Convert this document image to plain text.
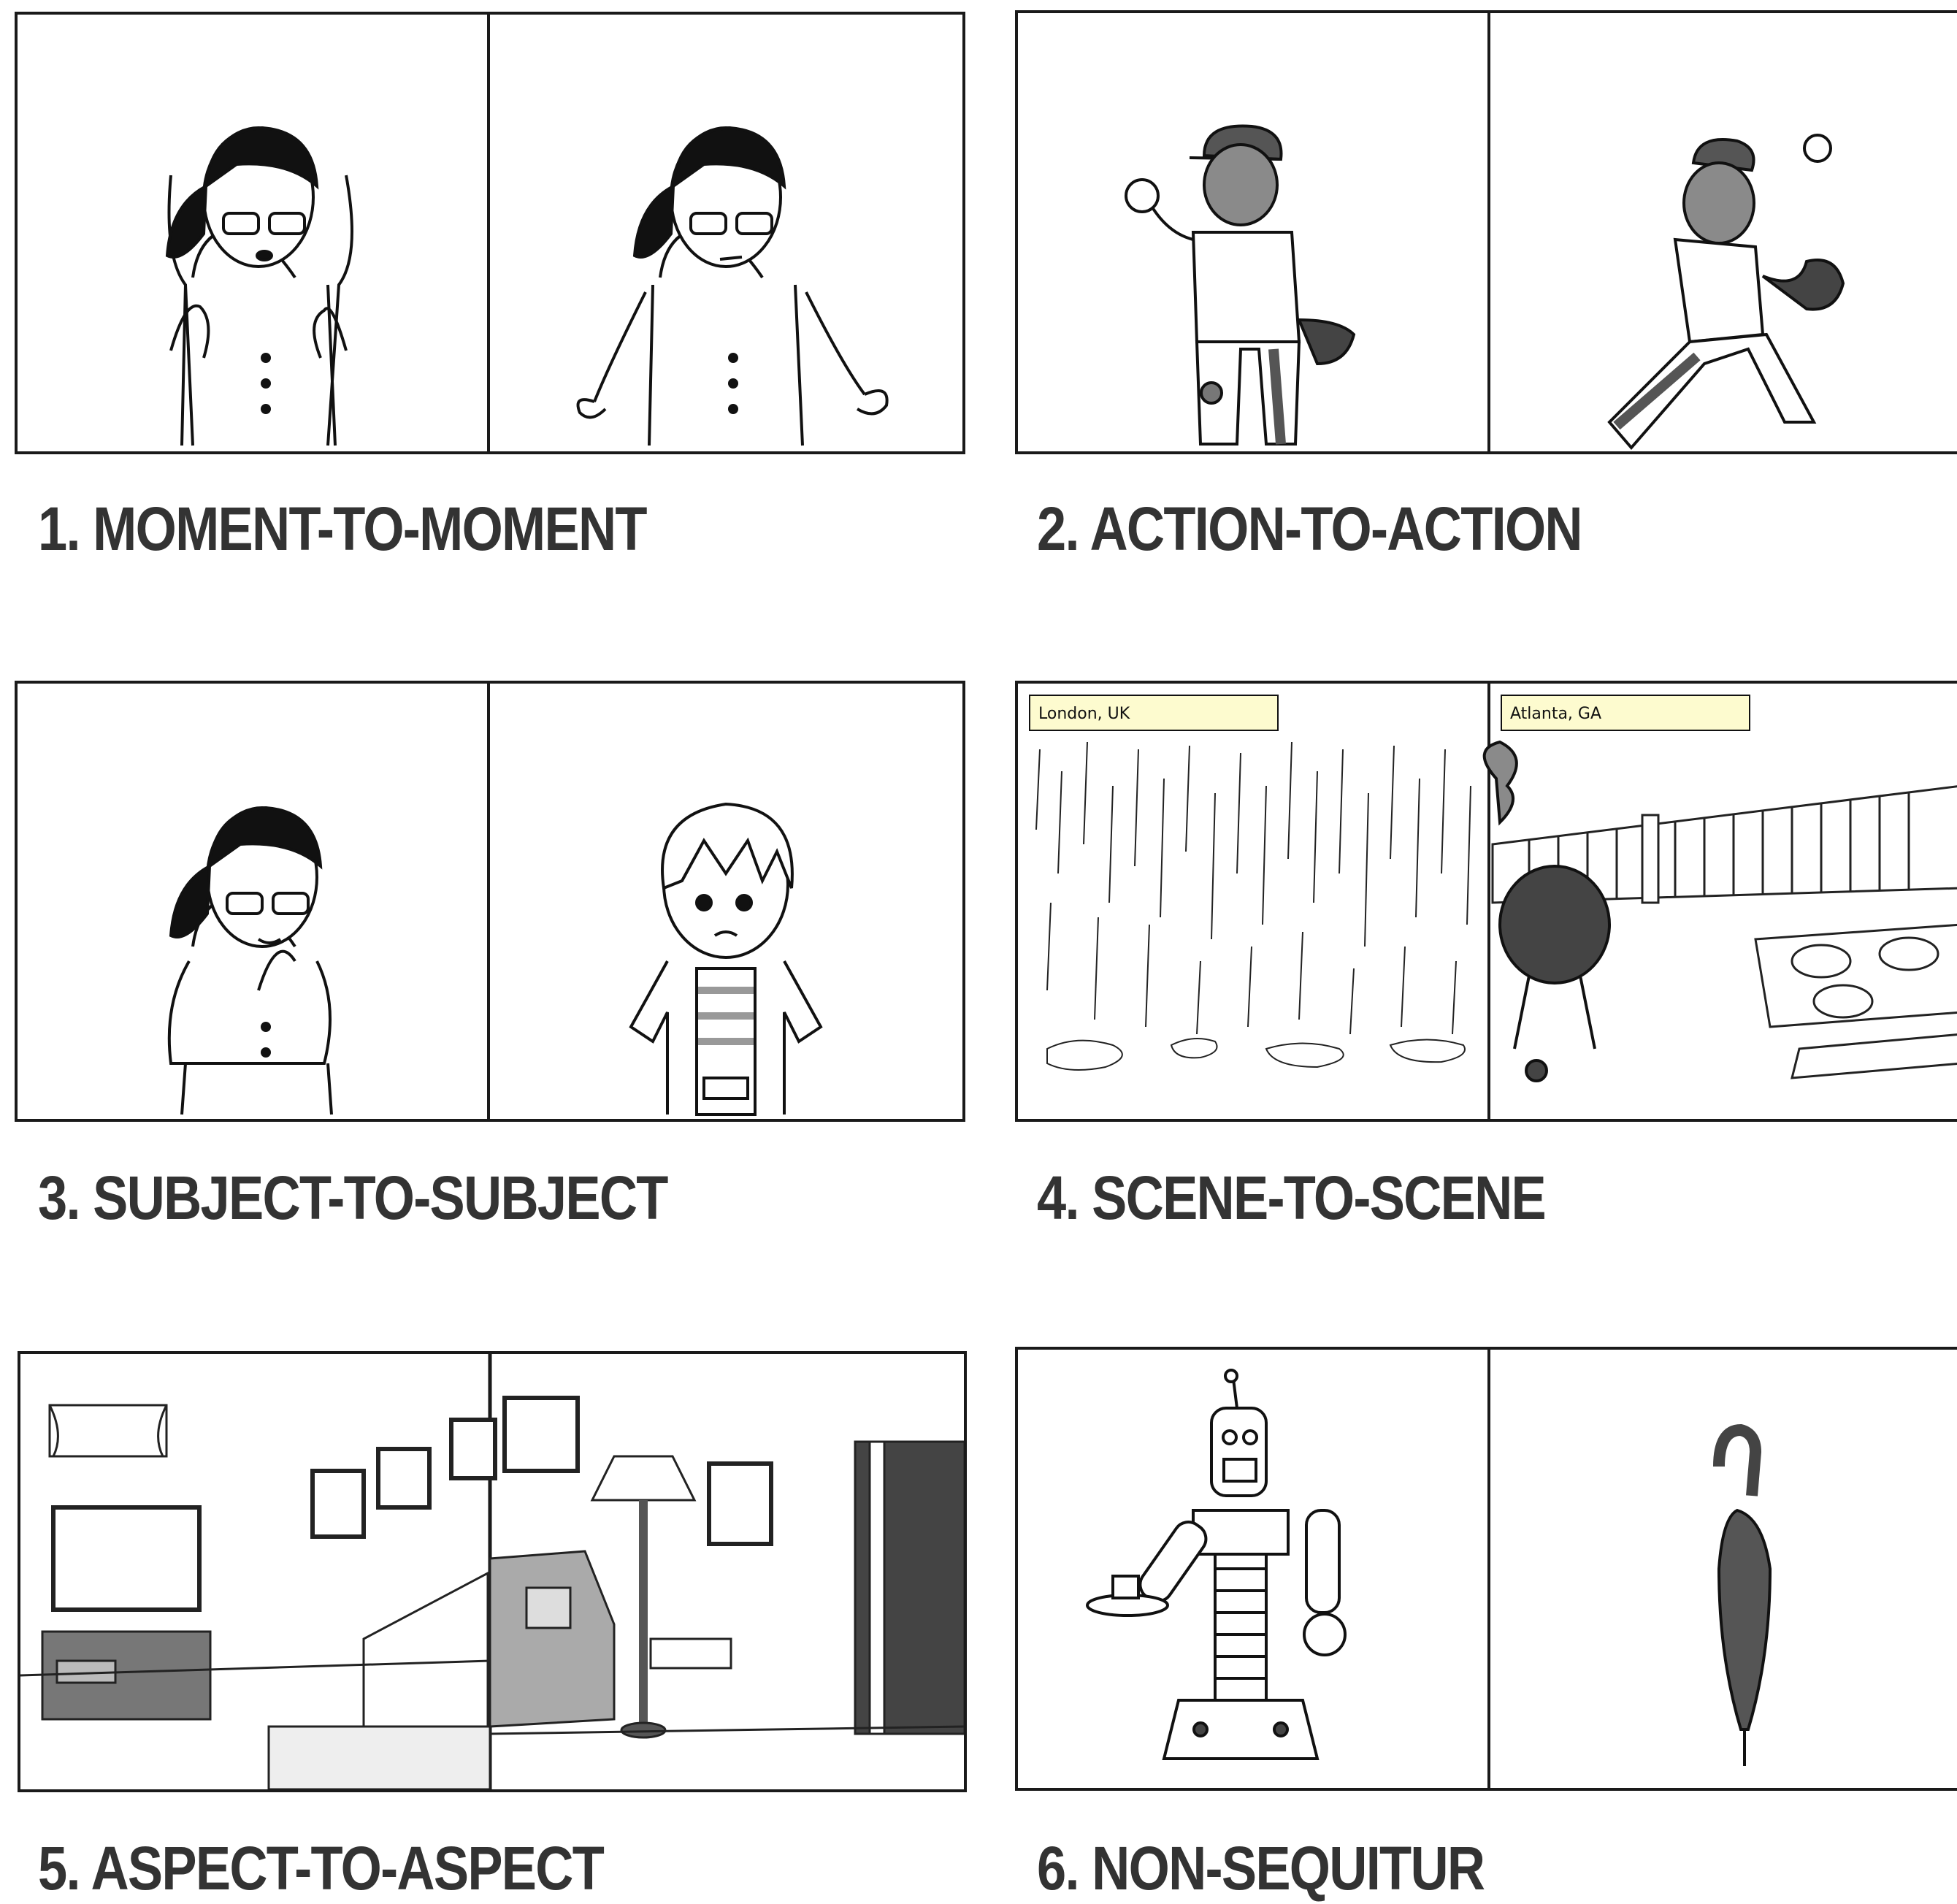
1. MOMENT-TO-MOMENT	2. ACTION-TO-ACTION
3. SUBJECT-TO-SUBJECT
London, UK	Atlanta, GA
4. SCENE-TO-SCENE
5. ASPECT-TO-ASPECT	6. NON-SEQUITUR
